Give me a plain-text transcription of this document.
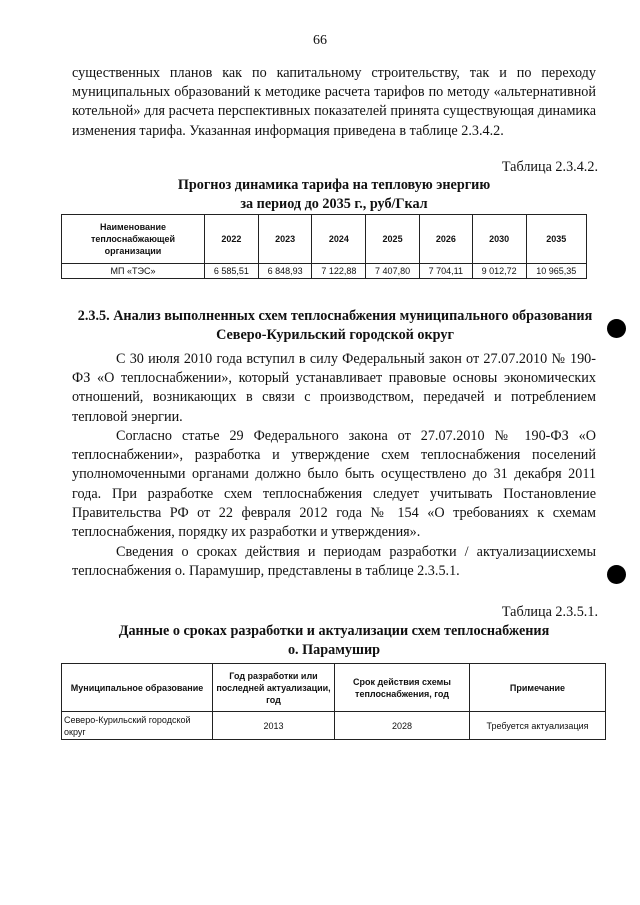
66

существенных планов как по капитальному строительству, так и по переходу муниципальных образований к методике расчета тарифов по методу «альтернативной котельной» для расчета перспективных показателей принята существующая динамика изменения тарифа. Указанная информация приведена в таблице 2.3.4.2.

Таблица 2.3.4.2.
Прогноз динамика тарифа на тепловую энергию
за период до 2035 г., руб/Гкал
Наименование теплоснабжающей организации	2022	2023	2024	2025	2026	2030	2035
МП «ТЭС»	6 585,51	6 848,93	7 122,88	7 407,80	7 704,11	9 012,72	10 965,35
2.3.5. Анализ выполненных схем теплоснабжения муниципального образования Северо-Курильский городской округ

С 30 июля 2010 года вступил в силу Федеральный закон от 27.07.2010 № 190-ФЗ «О теплоснабжении», который устанавливает правовые основы экономических отношений, возникающих в связи с производством, передачей и потреблением тепловой энергии.

Согласно статье 29 Федерального закона от 27.07.2010 № 190-ФЗ «О теплоснабжении», разработка и утверждение схем теплоснабжения поселений уполномоченными органами должно было быть осуществлено до 31 декабря 2011 года. При разработке схем теплоснабжения следует учитывать Постановление Правительства РФ от 22 февраля 2012 года № 154 «О требованиях к схемам теплоснабжения, порядку их разработки и утверждения».

Сведения о сроках действия и периодам разработки / актуализациисхемы теплоснабжения о. Парамушир, представлены в таблице 2.3.5.1.

Таблица 2.3.5.1.
Данные о сроках разработки и актуализации схем теплоснабжения
о. Парамушир
Муниципальное образование	Год разработки или последней актуализации, год	Срок действия схемы теплоснабжения, год	Примечание
Северо-Курильский городской округ	2013	2028	Требуется актуализация
